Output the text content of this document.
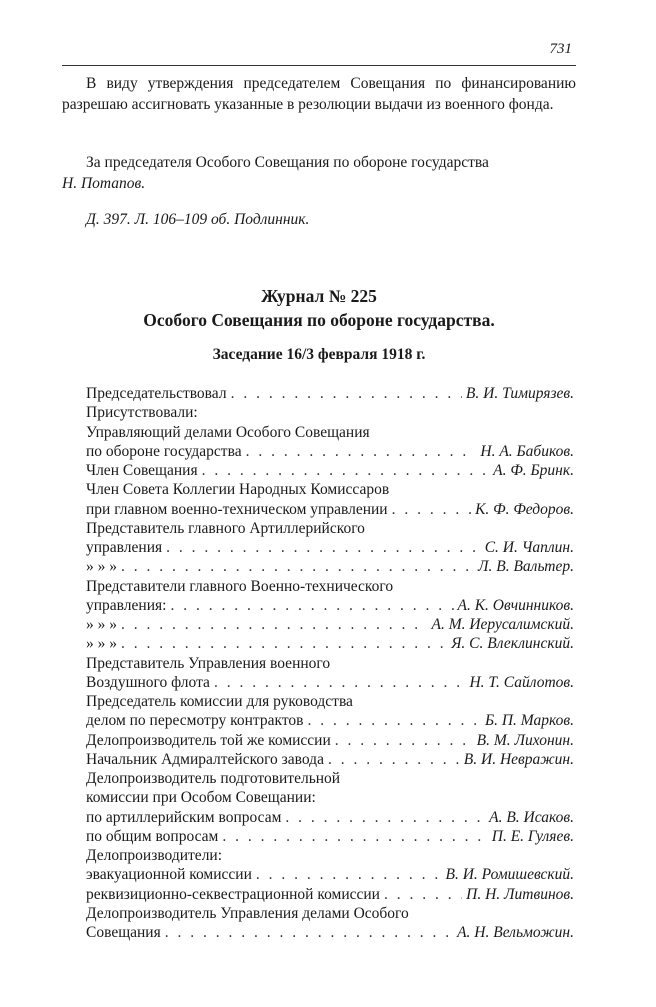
731
В виду утверждения председателем Совещания по финансированию разрешаю ассигновать указанные в резолюции выдачи из военного фонда.
За председателя Особого Совещания по обороне государства
Н. Потапов.
Д. 397. Л. 106–109 об. Подлинник.
Журнал № 225
Особого Совещания по обороне государства.
Заседание 16/3 февраля 1918 г.
Председательствовал . . .	В. И. Тимирязев.
Присутствовали:
Управляющий делами Особого Совещания
по обороне государства . . .	Н. А. Бабиков.
Член Совещания . . .	А. Ф. Бринк.
Член Совета Коллегии Народных Комиссаров
при главном военно-техническом управлении . . .	К. Ф. Федоров.
Представитель главного Артиллерийского
управления . . .	С. И. Чаплин.
» » » . . .	Л. В. Вальтер.
Представители главного Военно-технического
управления: . . .	А. К. Овчинников.
» » » . . .	А. М. Иерусалимский.
» » » . . .	Я. С. Влеклинский.
Представитель Управления военного
Воздушного флота . . .	Н. Т. Сайлотов.
Председатель комиссии для руководства
делом по пересмотру контрактов . . .	Б. П. Марков.
Делопроизводитель той же комиссии . . .	В. М. Лихонин.
Начальник Адмиралтейского завода . . .	В. И. Невражин.
Делопроизводитель подготовительной
комиссии при Особом Совещании:
по артиллерийским вопросам . . .	А. В. Исаков.
по общим вопросам . . .	П. Е. Гуляев.
Делопроизводители:
эвакуационной комиссии . . .	В. И. Ромишевский.
реквизиционно-секвестрационной комиссии . . .	П. Н. Литвинов.
Делопроизводитель Управления делами Особого
Совещания . . .	А. Н. Вельможин.
